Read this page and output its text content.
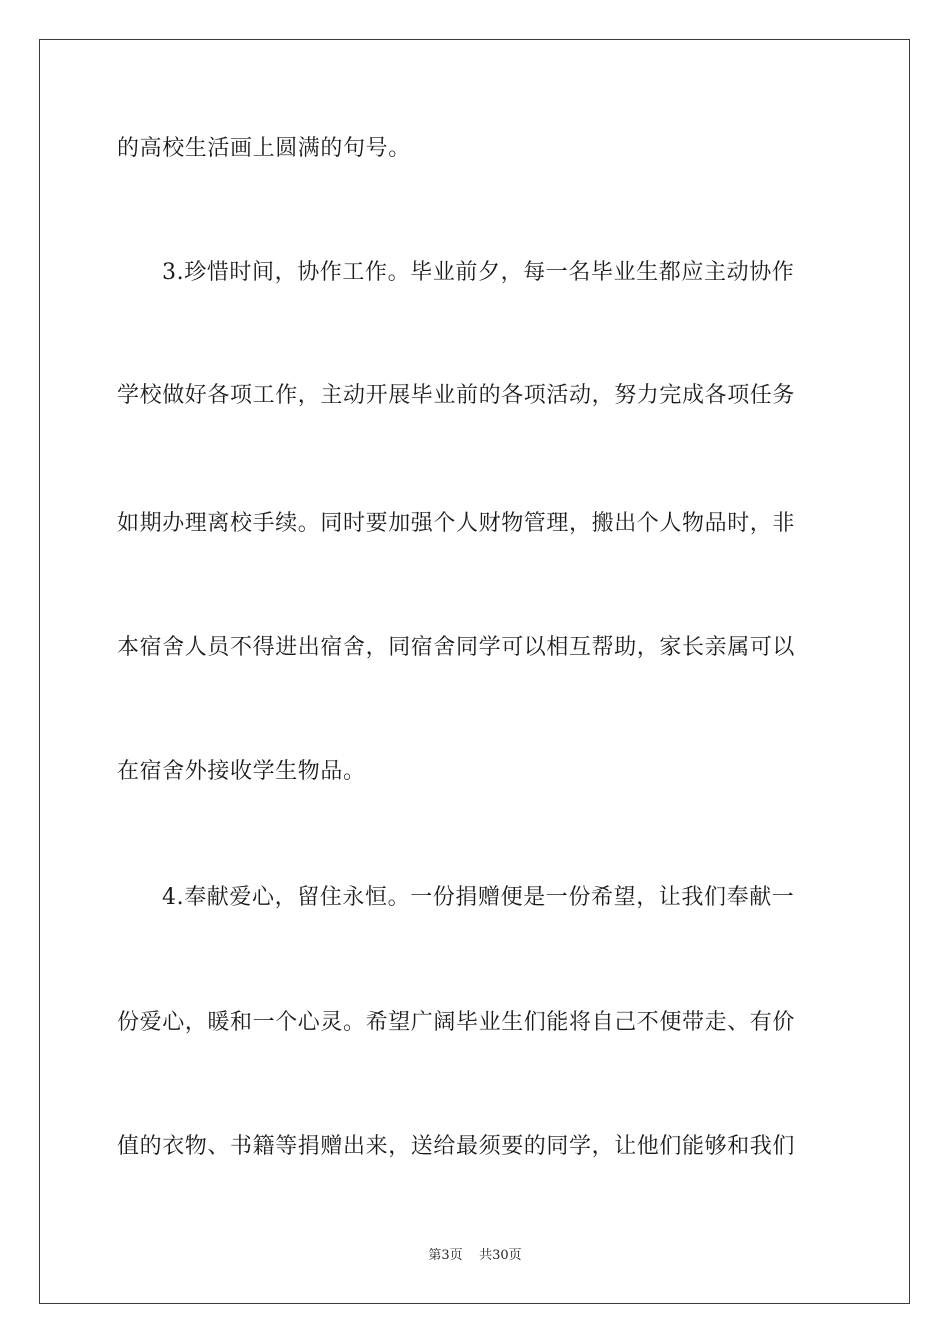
的高校生活画上圆满的句号。
3.珍惜时间，协作工作。毕业前夕，每一名毕业生都应主动协作
学校做好各项工作，主动开展毕业前的各项活动，努力完成各项任务
如期办理离校手续。同时要加强个人财物管理，搬出个人物品时，非
本宿舍人员不得进出宿舍，同宿舍同学可以相互帮助，家长亲属可以
在宿舍外接收学生物品。
4.奉献爱心，留住永恒。一份捐赠便是一份希望，让我们奉献一
份爱心，暖和一个心灵。希望广阔毕业生们能将自己不便带走、有价
值的衣物、书籍等捐赠出来，送给最须要的同学，让他们能够和我们
第3页 共30页
